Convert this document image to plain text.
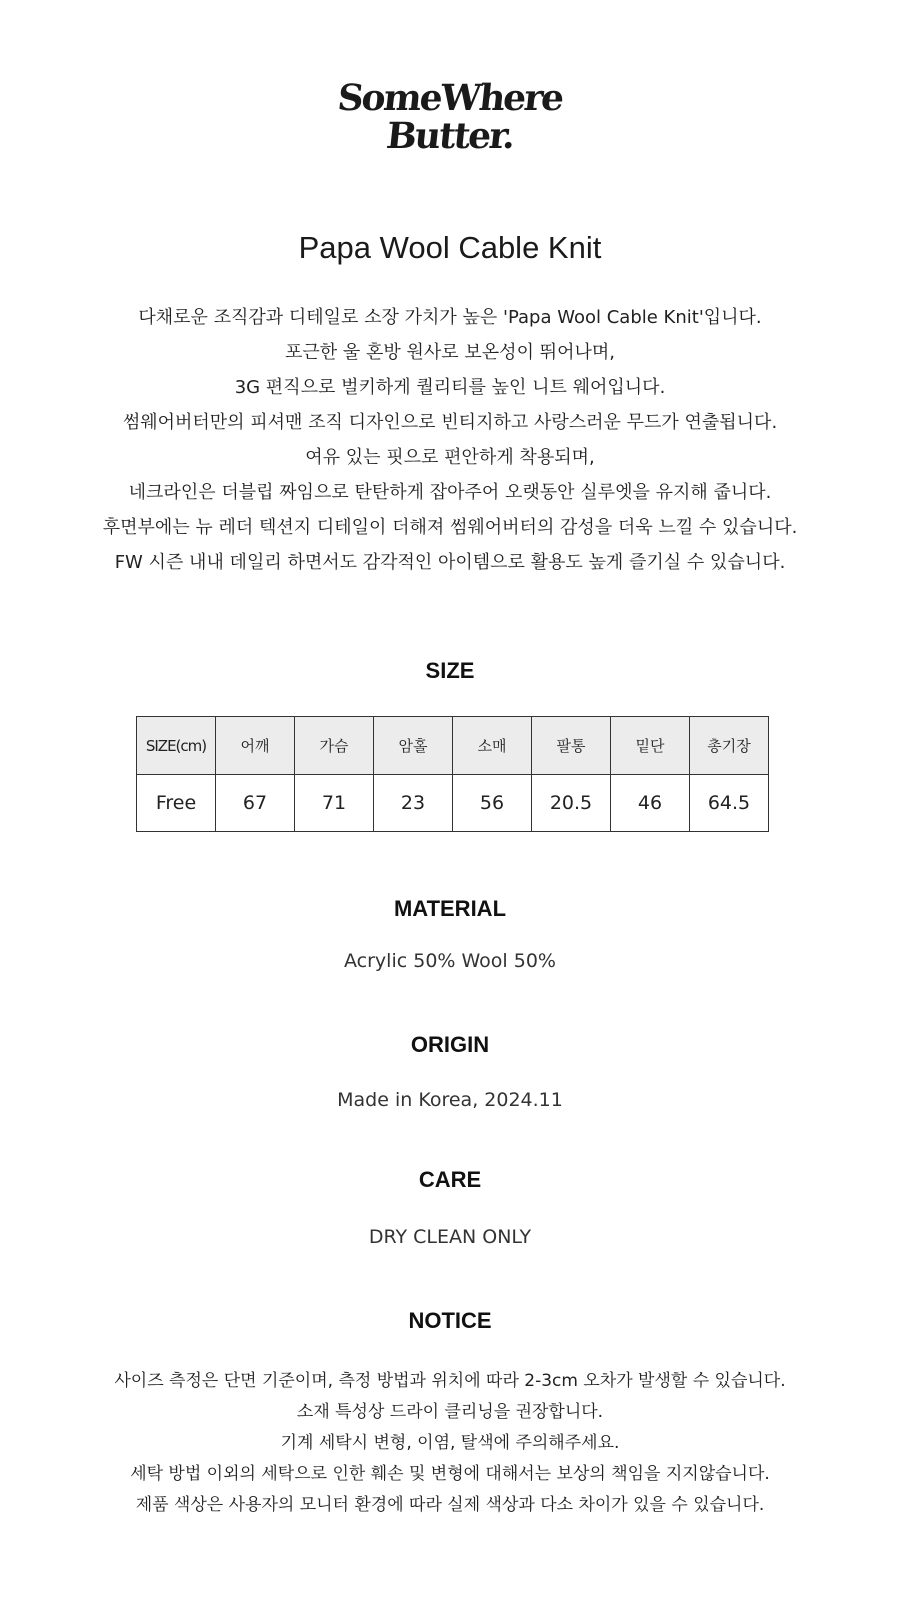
SomeWhere
Butter.
Papa Wool Cable Knit
다채로운 조직감과 디테일로 소장 가치가 높은 'Papa Wool Cable Knit'입니다.
포근한 울 혼방 원사로 보온성이 뛰어나며,
3G 편직으로 벌키하게 퀄리티를 높인 니트 웨어입니다.
썸웨어버터만의 피셔맨 조직 디자인으로 빈티지하고 사랑스러운 무드가 연출됩니다.
여유 있는 핏으로 편안하게 착용되며,
네크라인은 더블립 짜임으로 탄탄하게 잡아주어 오랫동안 실루엣을 유지해 줍니다.
후면부에는 뉴 레더 텍션지 디테일이 더해져 썸웨어버터의 감성을 더욱 느낄 수 있습니다.
FW 시즌 내내 데일리 하면서도 감각적인 아이템으로 활용도 높게 즐기실 수 있습니다.
SIZE
SIZE(cm)	어깨	가슴	암홀	소매	팔통	밑단	총기장
Free	67	71	23	56	20.5	46	64.5
MATERIAL
Acrylic 50% Wool 50%
ORIGIN
Made in Korea, 2024.11
CARE
DRY CLEAN ONLY
NOTICE
사이즈 측정은 단면 기준이며, 측정 방법과 위치에 따라 2-3cm 오차가 발생할 수 있습니다.
소재 특성상 드라이 클리닝을 권장합니다.
기계 세탁시 변형, 이염, 탈색에 주의해주세요.
세탁 방법 이외의 세탁으로 인한 훼손 및 변형에 대해서는 보상의 책임을 지지않습니다.
제품 색상은 사용자의 모니터 환경에 따라 실제 색상과 다소 차이가 있을 수 있습니다.
